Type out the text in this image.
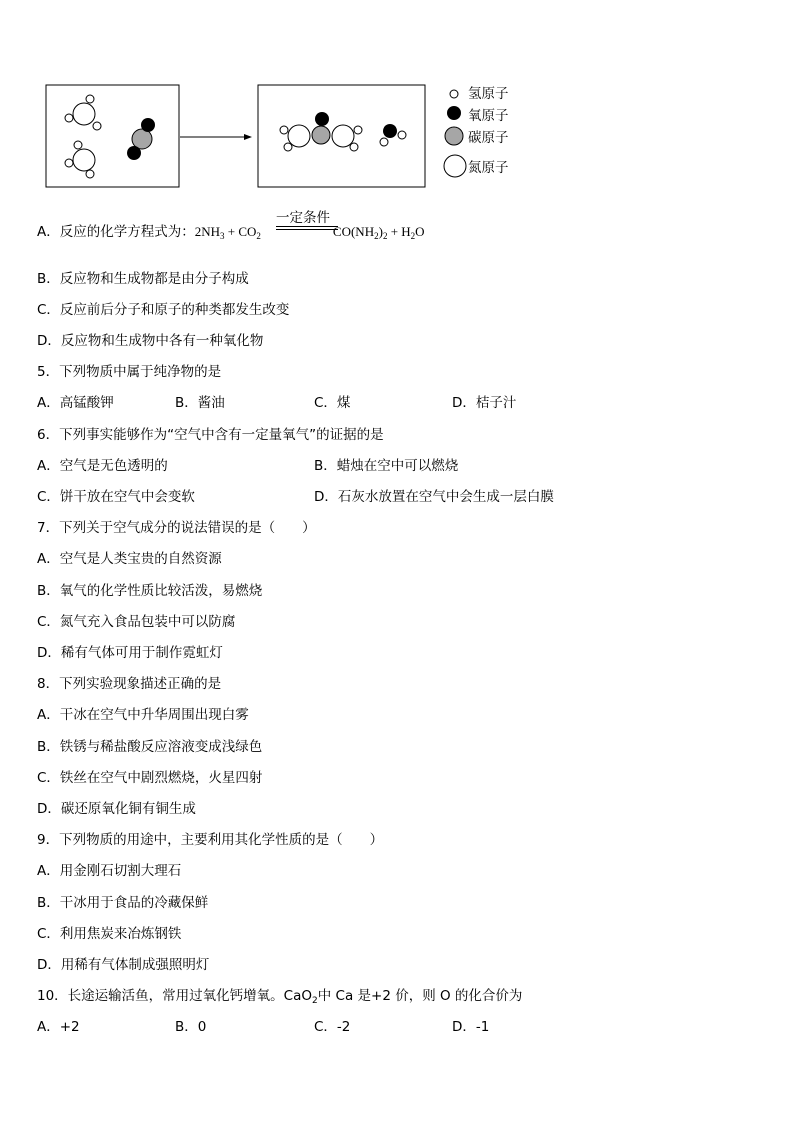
氢原子
氧原子
碳原子
氮原子
一定条件
A．反应的化学方程式为：$2NH_3 + CO_2$	$CO(NH_2)_2 + H_2O$
B．反应物和生成物都是由分子构成
C．反应前后分子和原子的种类都发生改变
D．反应物和生成物中各有一种氧化物
5．下列物质中属于纯净物的是
A．高锰酸钾	B．酱油	C．煤	D．桔子汁
6．下列事实能够作为“空气中含有一定量氧气”的证据的是
A．空气是无色透明的	B．蜡烛在空中可以燃烧
C．饼干放在空气中会变软	D．石灰水放置在空气中会生成一层白膜
7．下列关于空气成分的说法错误的是（　　）
A．空气是人类宝贵的自然资源
B．氧气的化学性质比较活泼，易燃烧
C．氮气充入食品包装中可以防腐
D．稀有气体可用于制作霓虹灯
8．下列实验现象描述正确的是
A．干冰在空气中升华周围出现白雾
B．铁锈与稀盐酸反应溶液变成浅绿色
C．铁丝在空气中剧烈燃烧，火星四射
D．碳还原氧化铜有铜生成
9．下列物质的用途中，主要利用其化学性质的是（　　）
A．用金刚石切割大理石
B．干冰用于食品的冷藏保鲜
C．利用焦炭来冶炼钢铁
D．用稀有气体制成强照明灯
10．长途运输活鱼，常用过氧化钙增氧。CaO$_2$中 Ca 是+2 价，则 O 的化合价为
A．+2	B．0	C．-2	D．-1
